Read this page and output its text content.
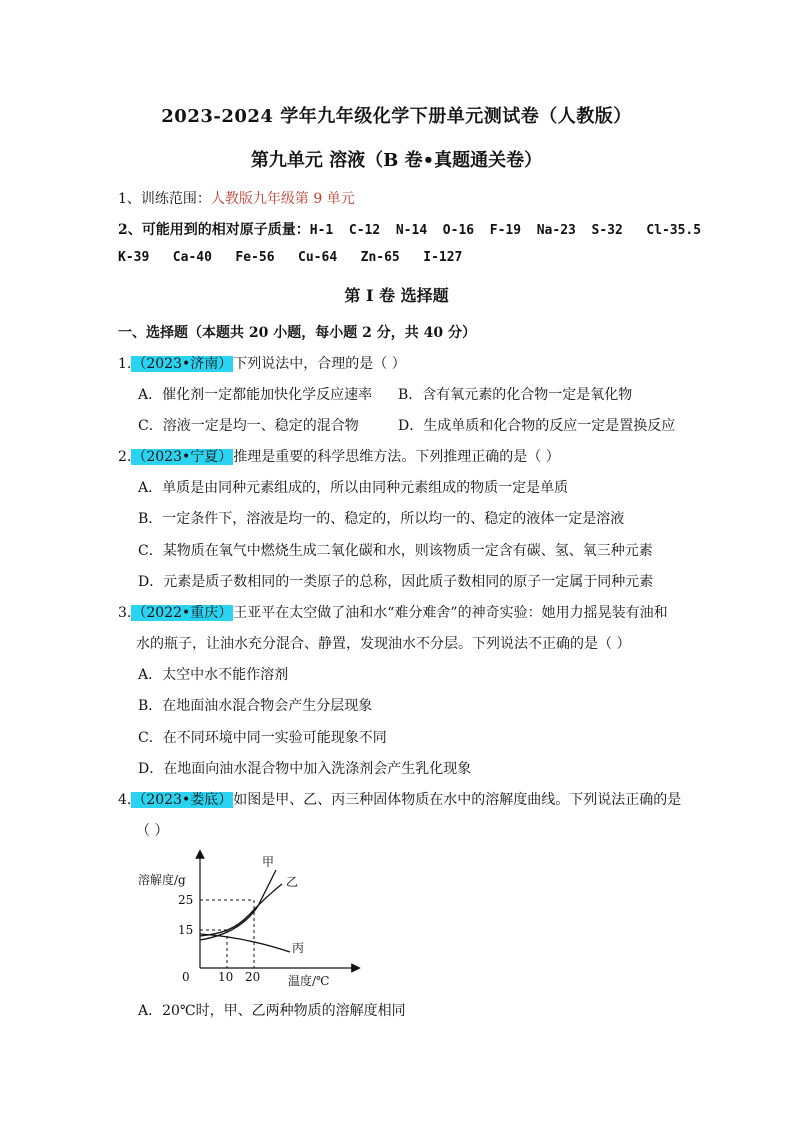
2023-2024 学年九年级化学下册单元测试卷（人教版）
第九单元 溶液（B 卷•真题通关卷）
1、训练范围：人教版九年级第 9 单元
2、可能用到的相对原子质量：H-1  C-12  N-14  O-16  F-19  Na-23  S-32   Cl-35.5
K-39   Ca-40   Fe-56   Cu-64   Zn-65   I-127
第 I 卷 选择题
一、选择题（本题共 20 小题，每小题 2 分，共 40 分）
1.（2023•济南）下列说法中，合理的是（ ）
A．催化剂一定都能加快化学反应速率 B．含有氧元素的化合物一定是氧化物
C．溶液一定是均一、稳定的混合物	D．生成单质和化合物的反应一定是置换反应
2.（2023•宁夏）推理是重要的科学思维方法。下列推理正确的是（ ）
A．单质是由同种元素组成的，所以由同种元素组成的物质一定是单质
B．一定条件下，溶液是均一的、稳定的，所以均一的、稳定的液体一定是溶液
C．某物质在氧气中燃烧生成二氧化碳和水，则该物质一定含有碳、氢、氧三种元素
D．元素是质子数相同的一类原子的总称，因此质子数相同的原子一定属于同种元素
3.（2022•重庆）王亚平在太空做了油和水“难分难舍”的神奇实验：她用力摇晃装有油和
水的瓶子，让油水充分混合、静置，发现油水不分层。下列说法不正确的是（ ）
A．太空中水不能作溶剂
B．在地面油水混合物会产生分层现象
C．在不同环境中同一实验可能现象不同
D．在地面向油水混合物中加入洗涤剂会产生乳化现象
4.（2023•娄底）如图是甲、乙、丙三种固体物质在水中的溶解度曲线。下列说法正确的是
（ ）
溶解度/g
温度/℃
0
25
15
10 20
甲
乙
丙
A．20℃时，甲、乙两种物质的溶解度相同
